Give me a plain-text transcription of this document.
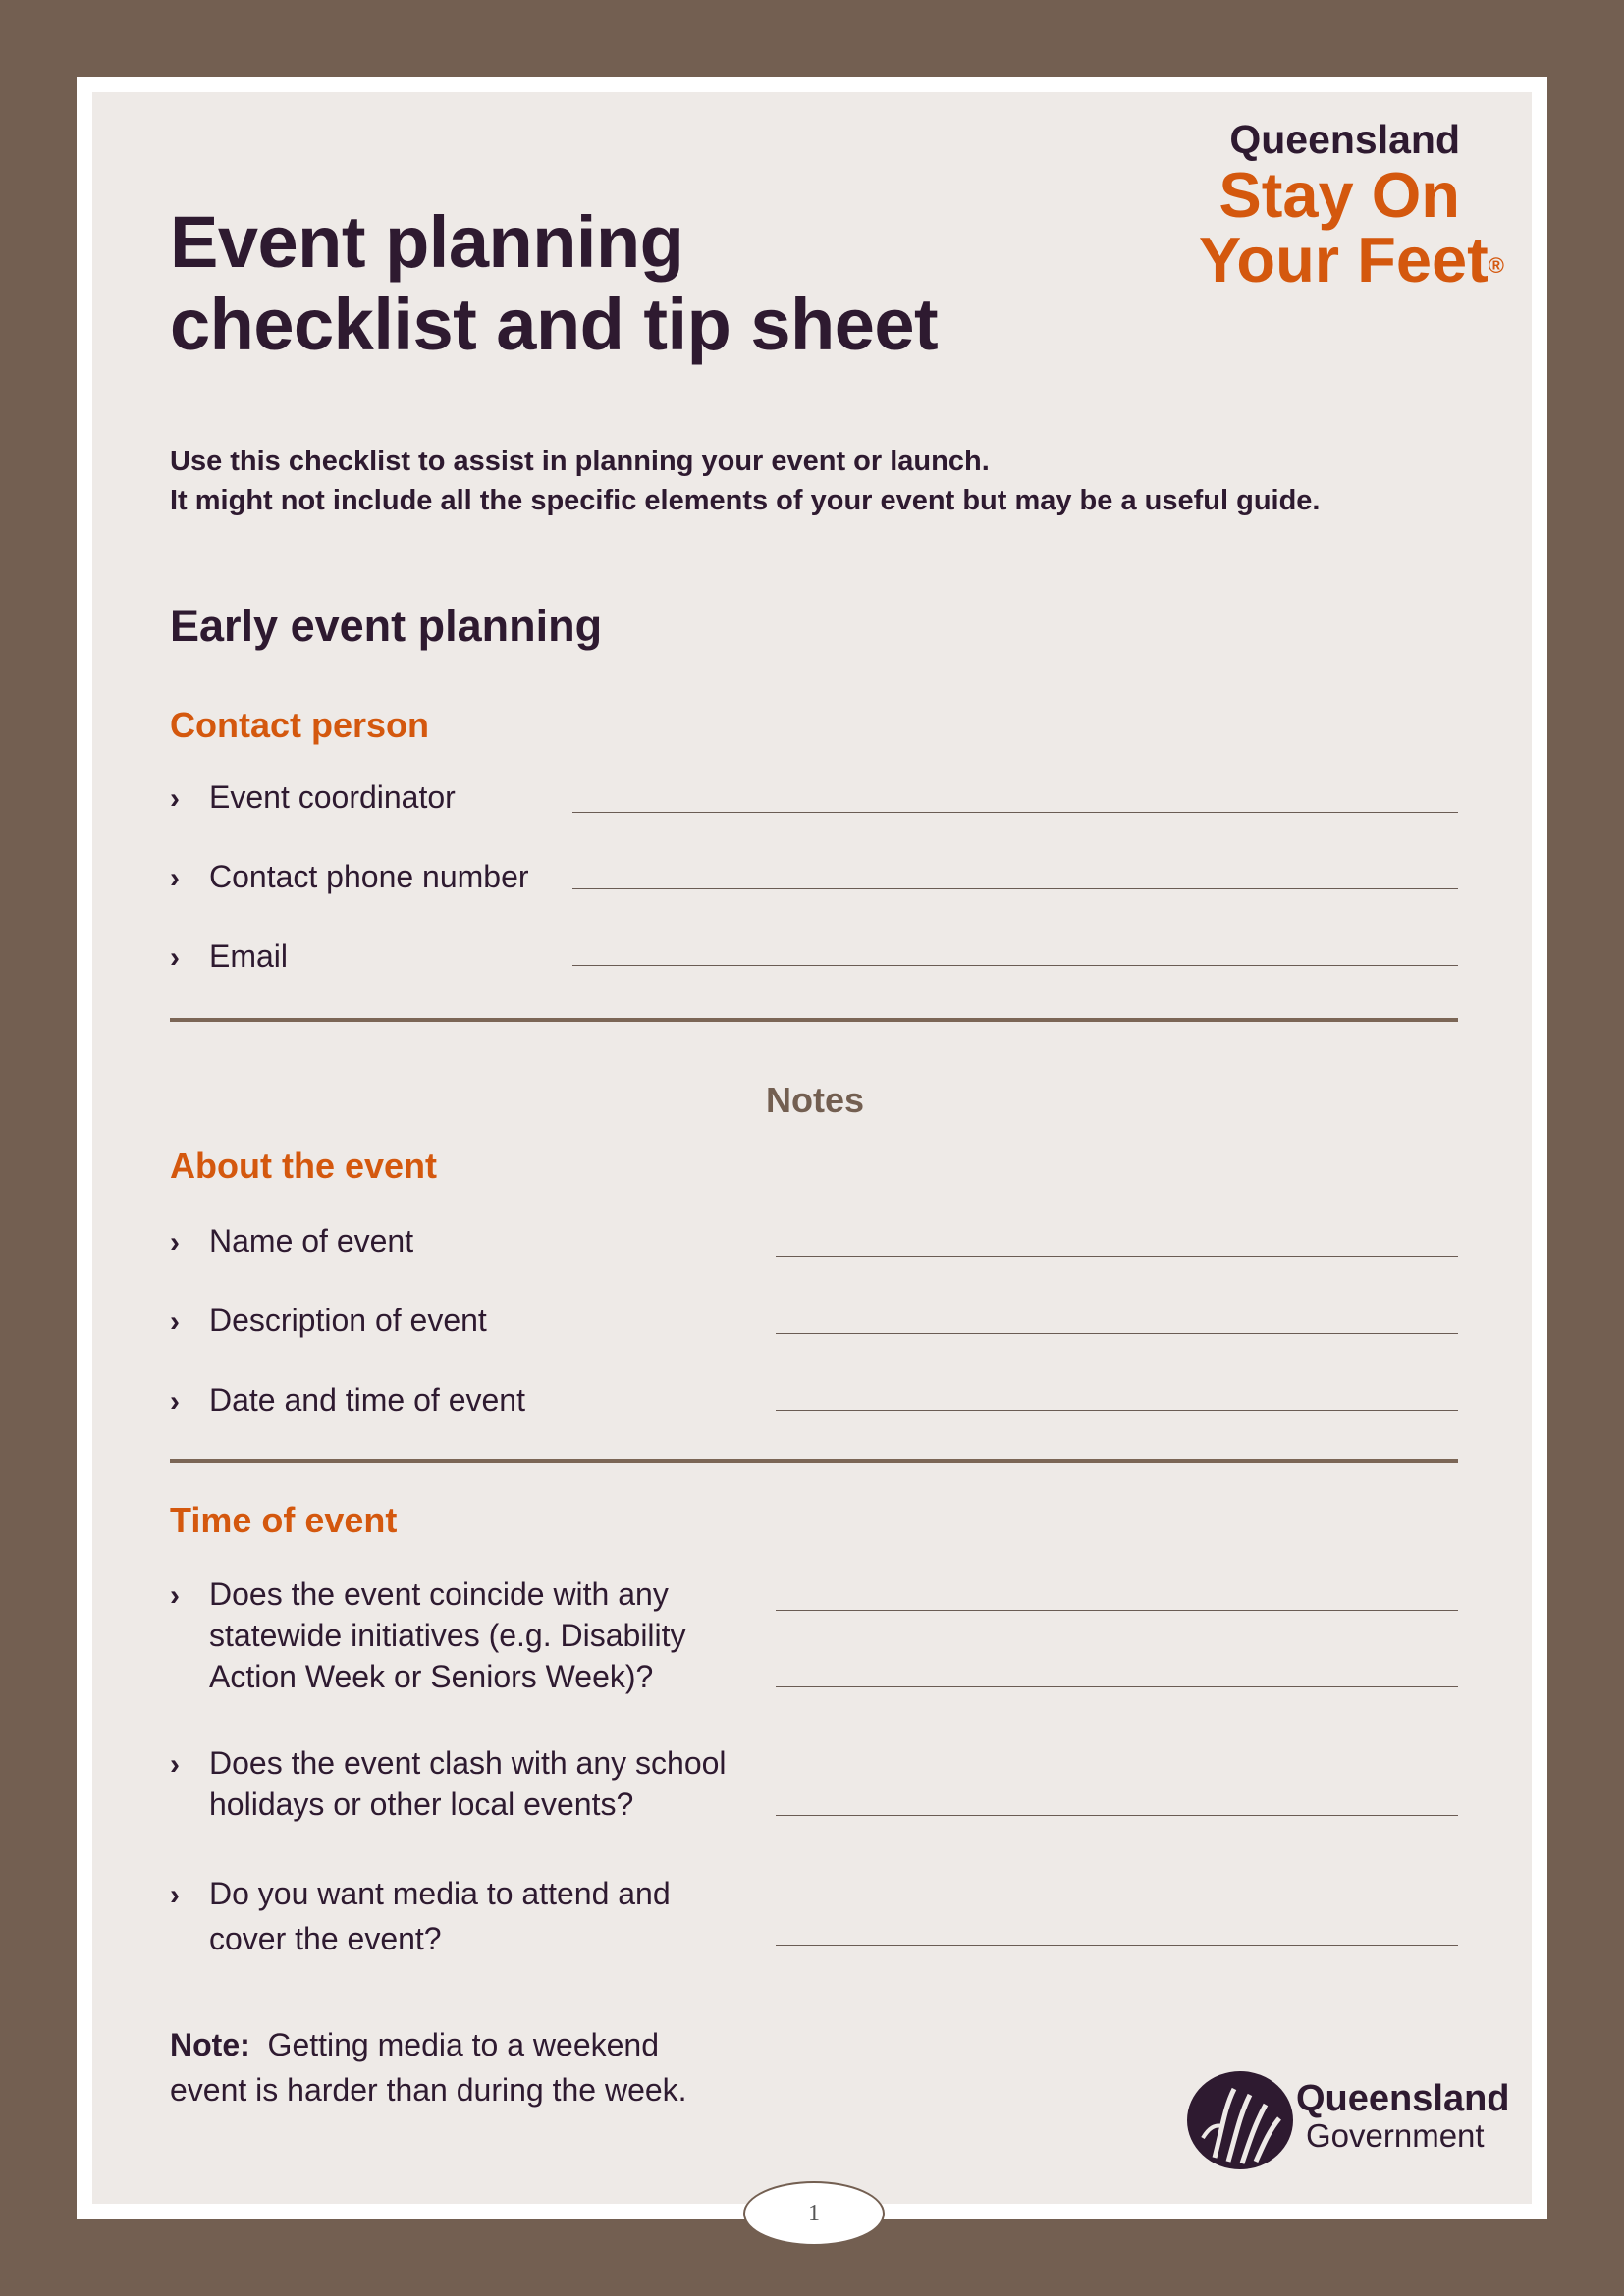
Queensland
Stay On
Your Feet®
Event planning
checklist and tip sheet
Use this checklist to assist in planning your event or launch.
It might not include all the specific elements of your event but may be a useful guide.
Early event planning
Contact person
› Event coordinator
› Contact phone number
› Email
Notes
About the event
› Name of event
› Description of event
› Date and time of event
Time of event
› Does the event coincide with any
statewide initiatives (e.g. Disability
Action Week or Seniors Week)?
› Does the event clash with any school
holidays or other local events?
› Do you want media to attend and
cover the event?
Note: Getting media to a weekend
event is harder than during the week.	Queensland
Government
1
